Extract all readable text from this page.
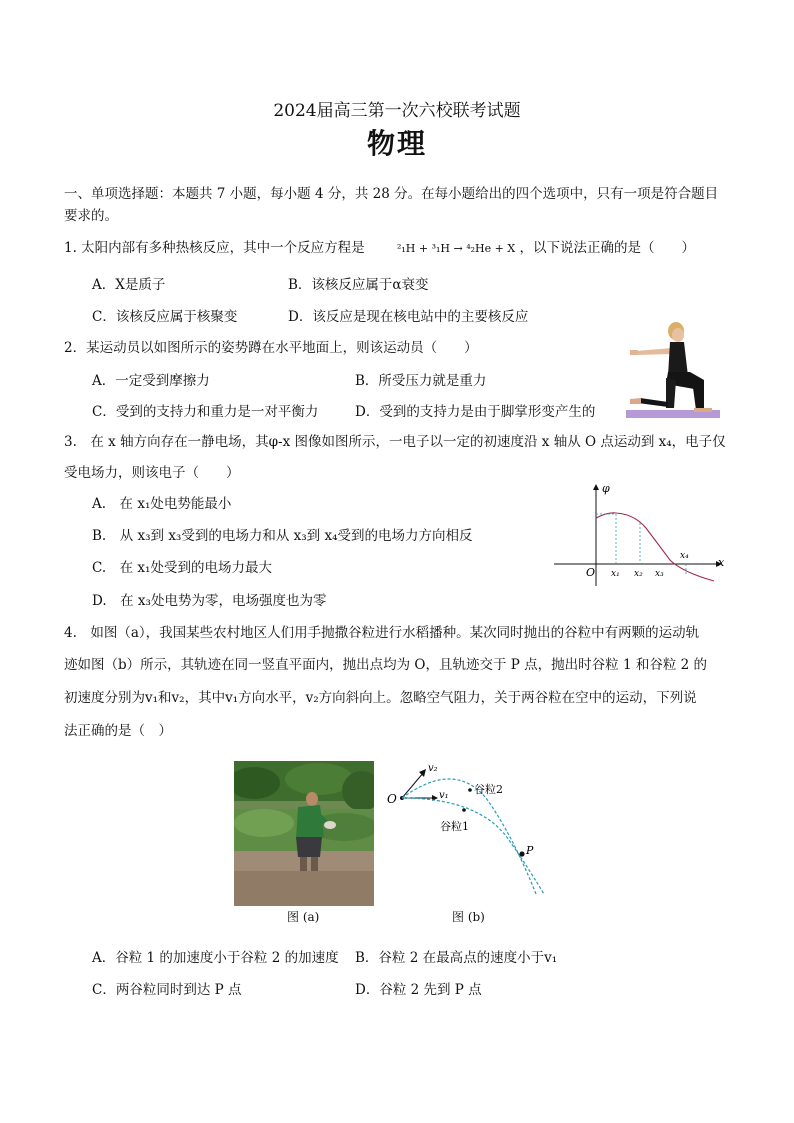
2024届高三第一次六校联考试题
物理
一、单项选择题：本题共 7 小题，每小题 4 分，共 28 分。在每小题给出的四个选项中，只有一项是符合题目要求的。
1. 太阳内部有多种热核反应，其中一个反应方程是	²₁H + ³₁H → ⁴₂He + X ，以下说法正确的是（　　）
A．X是质子	B．该核反应属于α衰变
C．该核反应属于核聚变	D．该反应是现在核电站中的主要核反应
2．某运动员以如图所示的姿势蹲在水平地面上，则该运动员（　　）
A．一定受到摩擦力	B．所受压力就是重力
C．受到的支持力和重力是一对平衡力	D．受到的支持力是由于脚掌形变产生的
3.　在 x 轴方向存在一静电场，其φ-x 图像如图所示，一电子以一定的初速度沿 x 轴从 O 点运动到 x₄，电子仅
受电场力，则该电子（　　）
A.　在 x₁处电势能最小
B.　从 x₃到 x₃受到的电场力和从 x₃到 x₄受到的电场力方向相反
C.　在 x₁处受到的电场力最大
D.　在 x₃处电势为零，电场强度也为零
φ
x
O x₁ x₂ x₃
x₄
4.　如图（a），我国某些农村地区人们用手抛撒谷粒进行水稻播种。某次同时抛出的谷粒中有两颗的运动轨
迹如图（b）所示，其轨迹在同一竖直平面内，抛出点均为 O，且轨迹交于 P 点，抛出时谷粒 1 和谷粒 2 的
初速度分别为v₁和v₂，其中v₁方向水平，v₂方向斜向上。忽略空气阻力，关于两谷粒在空中的运动，下列说
法正确的是（　）
图 (a)
O
v₂
v₁ 谷粒2
谷粒1
P
图 (b)
A．谷粒 1 的加速度小于谷粒 2 的加速度 B．谷粒 2 在最高点的速度小于v₁
C．两谷粒同时到达 P 点	D．谷粒 2 先到 P 点
